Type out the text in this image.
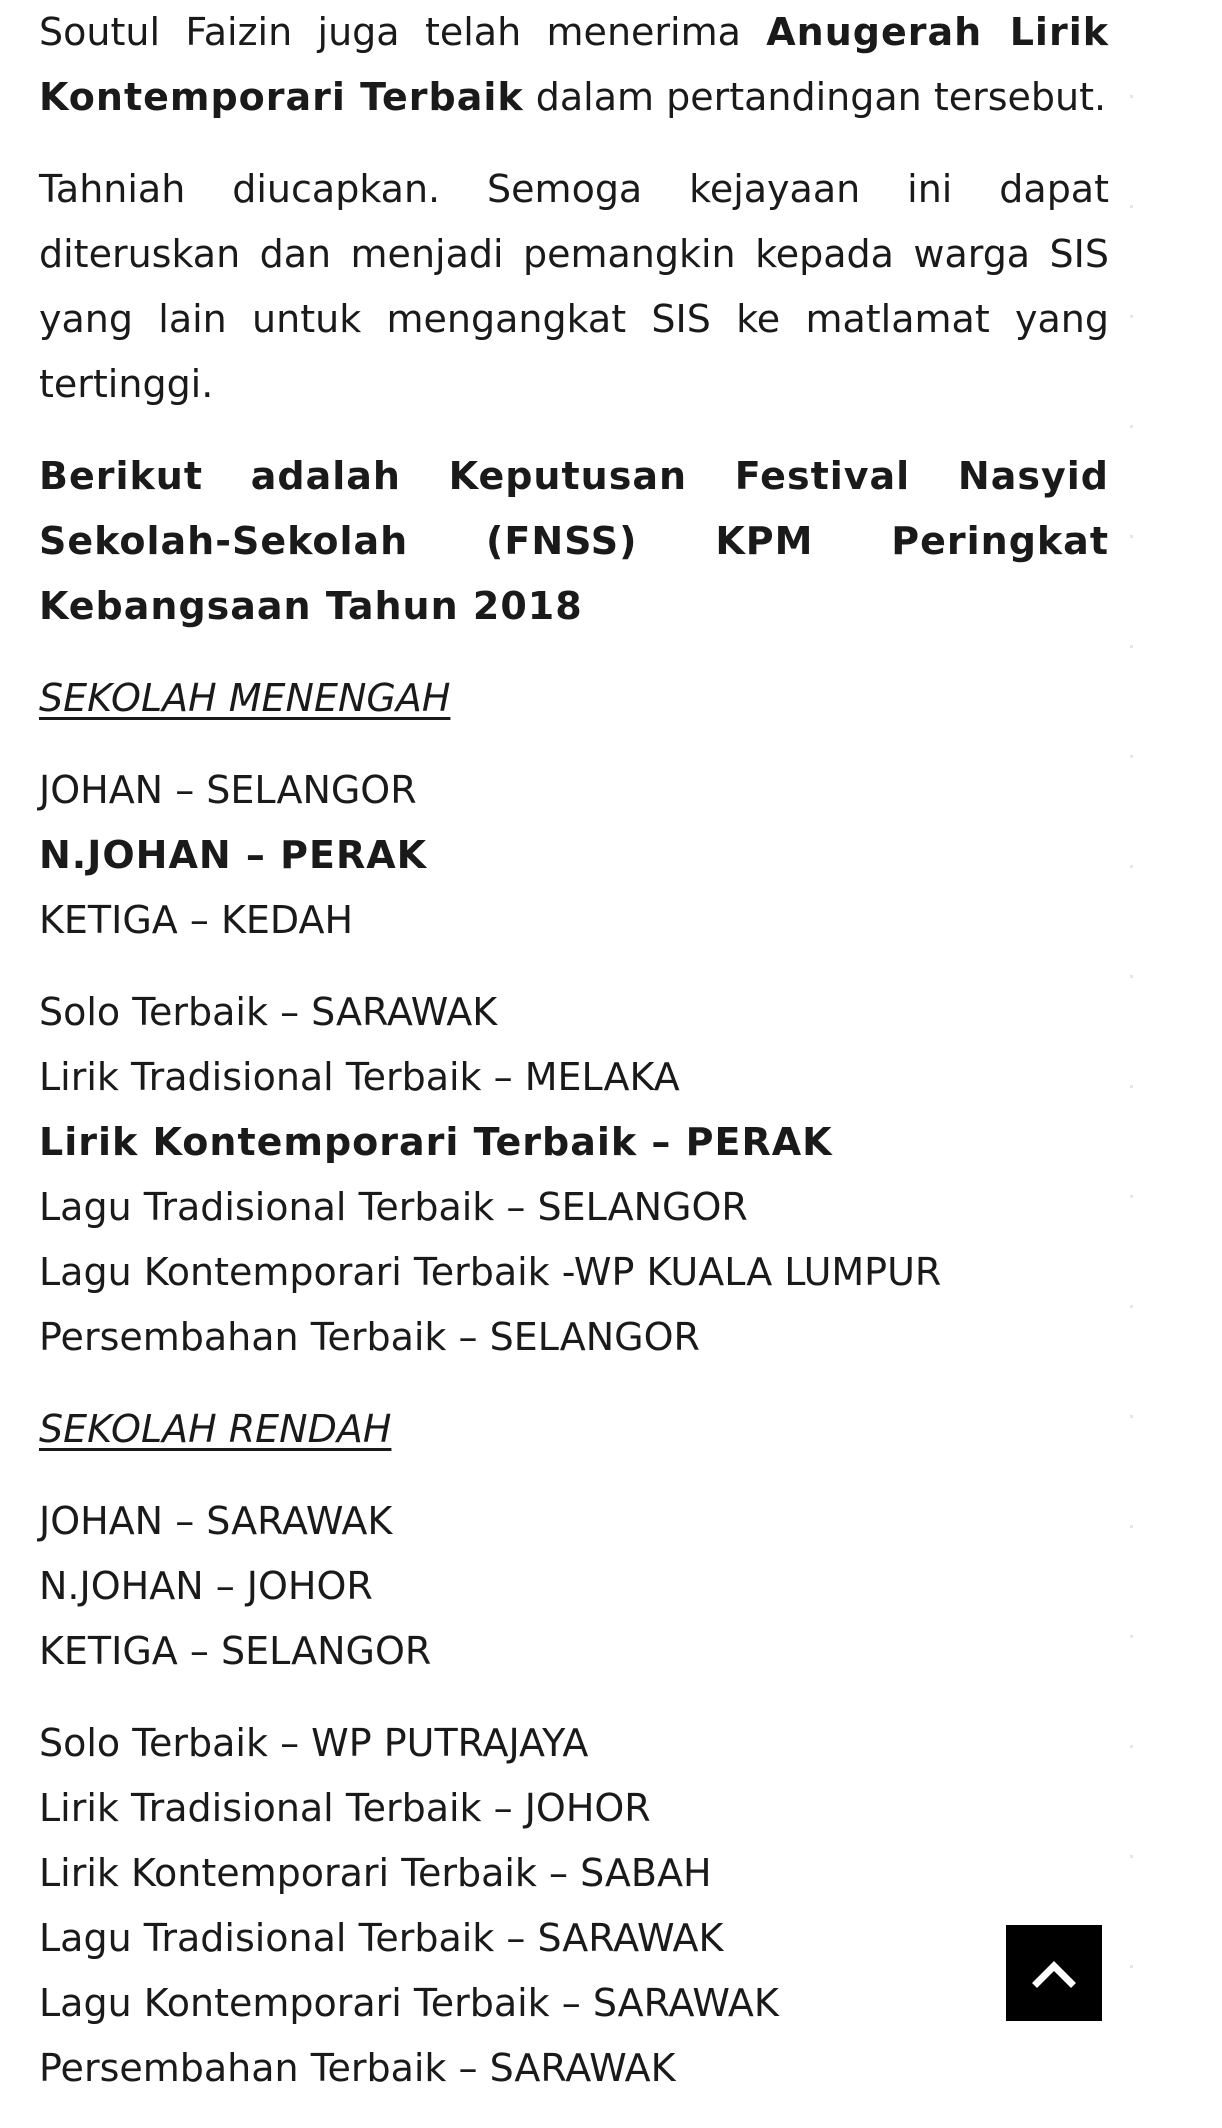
Soutul Faizin juga telah menerima Anugerah Lirik Kontemporari Terbaik dalam pertandingan tersebut.

Tahniah diucapkan. Semoga kejayaan ini dapat diteruskan dan menjadi pemangkin kepada warga SIS yang lain untuk mengangkat SIS ke matlamat yang tertinggi.

Berikut adalah Keputusan Festival Nasyid Sekolah-Sekolah (FNSS) KPM Peringkat Kebangsaan Tahun 2018

SEKOLAH MENENGAH

JOHAN – SELANGOR
N.JOHAN – PERAK
KETIGA – KEDAH
Solo Terbaik – SARAWAK
Lirik Tradisional Terbaik – MELAKA
Lirik Kontemporari Terbaik – PERAK
Lagu Tradisional Terbaik – SELANGOR
Lagu Kontemporari Terbaik -WP KUALA LUMPUR
Persembahan Terbaik – SELANGOR

SEKOLAH RENDAH

JOHAN – SARAWAK
N.JOHAN – JOHOR
KETIGA – SELANGOR
Solo Terbaik – WP PUTRAJAYA
Lirik Tradisional Terbaik – JOHOR
Lirik Kontemporari Terbaik – SABAH
Lagu Tradisional Terbaik – SARAWAK
Lagu Kontemporari Terbaik – SARAWAK
Persembahan Terbaik – SARAWAK
